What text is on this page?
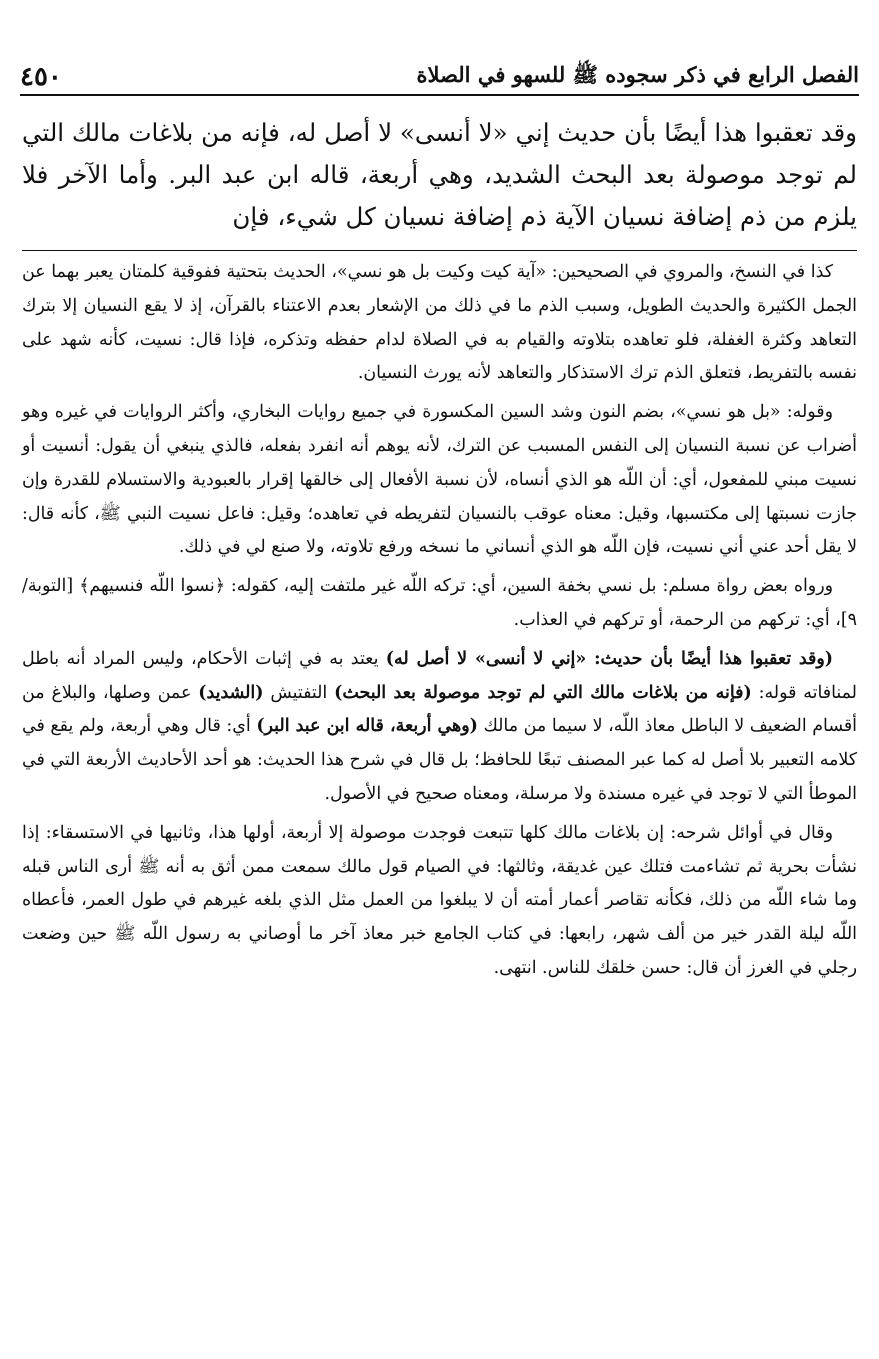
الفصل الرابع في ذكر سجوده ﷺ للسهو في الصلاة
٤٥٠

وقد تعقبوا هذا أيضًا بأن حديث إني «لا أنسى» لا أصل له، فإنه من بلاغات مالك التي لم توجد موصولة بعد البحث الشديد، وهي أربعة، قاله ابن عبد البر. وأما الآخر فلا يلزم من ذم إضافة نسيان الآية ذم إضافة نسيان كل شيء، فإن

كذا في النسخ، والمروي في الصحيحين: «آية كيت وكيت بل هو نسي»، الحديث بتحتية ففوقية كلمتان يعبر بهما عن الجمل الكثيرة والحديث الطويل، وسبب الذم ما في ذلك من الإشعار بعدم الاعتناء بالقرآن، إذ لا يقع النسيان إلا بترك التعاهد وكثرة الغفلة، فلو تعاهده بتلاوته والقيام به في الصلاة لدام حفظه وتذكره، فإذا قال: نسيت، كأنه شهد على نفسه بالتفريط، فتعلق الذم ترك الاستذكار والتعاهد لأنه يورث النسيان.

وقوله: «بل هو نسي»، بضم النون وشد السين المكسورة في جميع روايات البخاري، وأكثر الروايات في غيره وهو أضراب عن نسبة النسيان إلى النفس المسبب عن الترك، لأنه يوهم أنه انفرد بفعله، فالذي ينبغي أن يقول: أنسيت أو نسيت مبني للمفعول، أي: أن اللّه هو الذي أنساه، لأن نسبة الأفعال إلى خالقها إقرار بالعبودية والاستسلام للقدرة وإن جازت نسبتها إلى مكتسبها، وقيل: معناه عوقب بالنسيان لتفريطه في تعاهده؛ وقيل: فاعل نسيت النبي ﷺ، كأنه قال: لا يقل أحد عني أني نسيت، فإن اللّه هو الذي أنساني ما نسخه ورفع تلاوته، ولا صنع لي في ذلك.

ورواه بعض رواة مسلم: بل نسي بخفة السين، أي: تركه اللّه غير ملتفت إليه، كقوله: ﴿نسوا اللّه فنسيهم﴾ [التوبة/٩]، أي: تركهم من الرحمة، أو تركهم في العذاب.

(وقد تعقبوا هذا أيضًا بأن حديث: «إني لا أنسى» لا أصل له) يعتد به في إثبات الأحكام، وليس المراد أنه باطل لمنافاته قوله: (فإنه من بلاغات مالك التي لم توجد موصولة بعد البحث) التفتيش (الشديد) عمن وصلها، والبلاغ من أقسام الضعيف لا الباطل معاذ اللّه، لا سيما من مالك (وهي أربعة، قاله ابن عبد البر) أي: قال وهي أربعة، ولم يقع في كلامه التعبير بلا أصل له كما عبر المصنف تبعًا للحافظ؛ بل قال في شرح هذا الحديث: هو أحد الأحاديث الأربعة التي في الموطأ التي لا توجد في غيره مسندة ولا مرسلة، ومعناه صحيح في الأصول.

وقال في أوائل شرحه: إن بلاغات مالك كلها تتبعت فوجدت موصولة إلا أربعة، أولها هذا، وثانيها في الاستسقاء: إذا نشأت بحرية ثم تشاءمت فتلك عين غديقة، وثالثها: في الصيام قول مالك سمعت ممن أثق به أنه ﷺ أرى الناس قبله وما شاء اللّه من ذلك، فكأنه تقاصر أعمار أمته أن لا يبلغوا من العمل مثل الذي بلغه غيرهم في طول العمر، فأعطاه اللّه ليلة القدر خير من ألف شهر، رابعها: في كتاب الجامع خبر معاذ آخر ما أوصاني به رسول اللّه ﷺ حين وضعت رجلي في الغرز أن قال: حسن خلقك للناس. انتهى.
